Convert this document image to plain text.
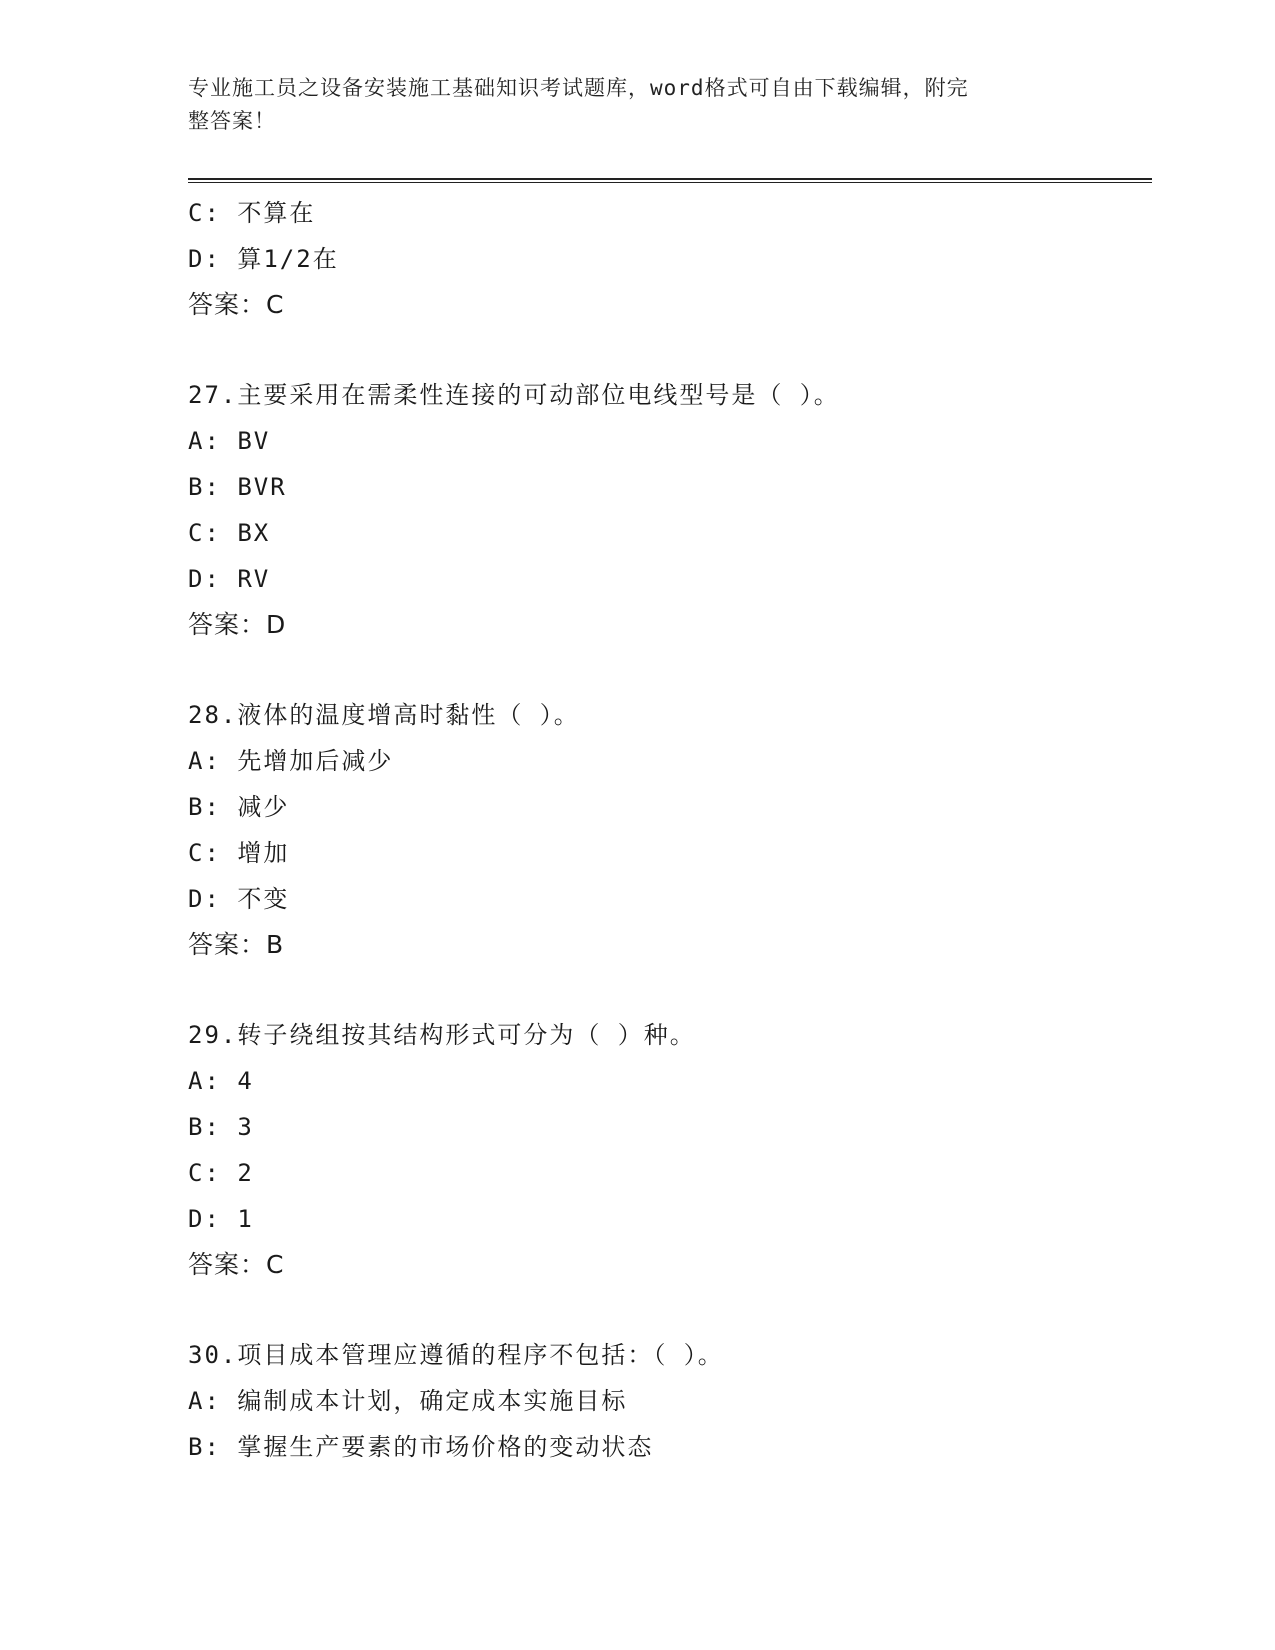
专业施工员之设备安装施工基础知识考试题库，word格式可自由下载编辑，附完
整答案！
C: 不算在
D: 算1/2在
答案：C
27.主要采用在需柔性连接的可动部位电线型号是（ ）。
A: BV
B: BVR
C: BX
D: RV
答案：D
28.液体的温度增高时黏性（ ）。
A: 先增加后减少
B: 减少
C: 增加
D: 不变
答案：B
29.转子绕组按其结构形式可分为（ ）种。
A: 4
B: 3
C: 2
D: 1
答案：C
30.项目成本管理应遵循的程序不包括：（ ）。
A: 编制成本计划，确定成本实施目标
B: 掌握生产要素的市场价格的变动状态
